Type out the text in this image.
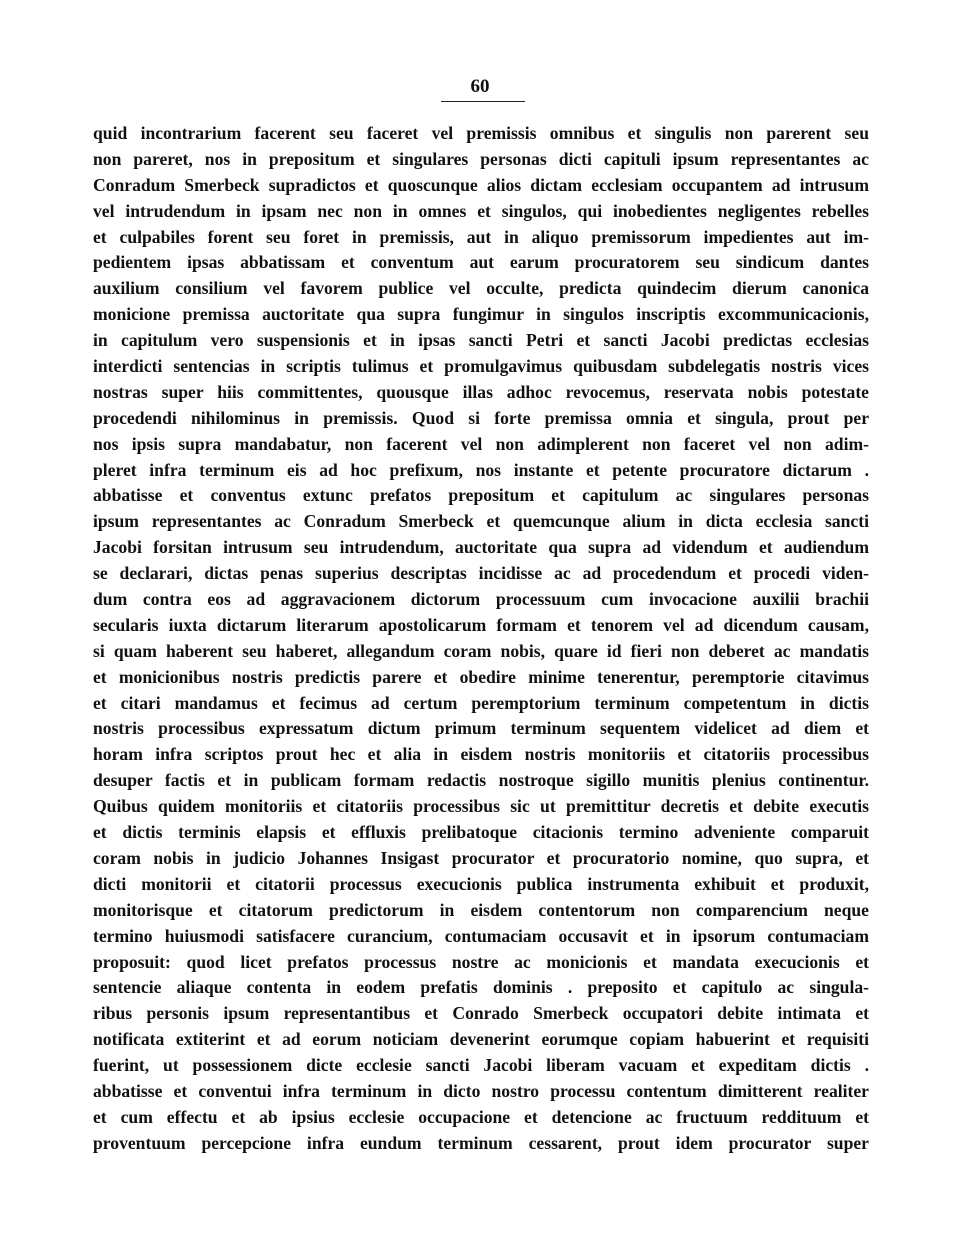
60
quid incontrarium facerent seu faceret vel premissis omnibus et singulis non parerent seu
non pareret, nos in prepositum et singulares personas dicti capituli ipsum representantes ac
Conradum Smerbeck supradictos et quoscunque alios dictam ecclesiam occupantem ad intrusum
vel intrudendum in ipsam nec non in omnes et singulos, qui inobedientes negligentes rebelles
et culpabiles forent seu foret in premissis, aut in aliquo premissorum impedientes aut im-
pedientem ipsas abbatissam et conventum aut earum procuratorem seu sindicum dantes
auxilium consilium vel favorem publice vel occulte, predicta quindecim dierum canonica
monicione premissa auctoritate qua supra fungimur in singulos inscriptis excommunicacionis,
in capitulum vero suspensionis et in ipsas sancti Petri et sancti Jacobi predictas ecclesias
interdicti sentencias in scriptis tulimus et promulgavimus quibusdam subdelegatis nostris vices
nostras super hiis committentes, quousque illas adhoc revocemus, reservata nobis potestate
procedendi nihilominus in premissis. Quod si forte premissa omnia et singula, prout per
nos ipsis supra mandabatur, non facerent vel non adimplerent non faceret vel non adim-
pleret infra terminum eis ad hoc prefixum, nos instante et petente procuratore dictarum .
abbatisse et conventus extunc prefatos prepositum et capitulum ac singulares personas
ipsum representantes ac Conradum Smerbeck et quemcunque alium in dicta ecclesia sancti
Jacobi forsitan intrusum seu intrudendum, auctoritate qua supra ad videndum et audiendum
se declarari, dictas penas superius descriptas incidisse ac ad procedendum et procedi viden-
dum contra eos ad aggravacionem dictorum processuum cum invocacione auxilii brachii
secularis iuxta dictarum literarum apostolicarum formam et tenorem vel ad dicendum causam,
si quam haberent seu haberet, allegandum coram nobis, quare id fieri non deberet ac mandatis
et monicionibus nostris predictis parere et obedire minime tenerentur, peremptorie citavimus
et citari mandamus et fecimus ad certum peremptorium terminum competentum in dictis
nostris processibus expressatum dictum primum terminum sequentem videlicet ad diem et
horam infra scriptos prout hec et alia in eisdem nostris monitoriis et citatoriis processibus
desuper factis et in publicam formam redactis nostroque sigillo munitis plenius continentur.
Quibus quidem monitoriis et citatoriis processibus sic ut premittitur decretis et debite executis
et dictis terminis elapsis et effluxis prelibatoque citacionis termino adveniente comparuit
coram nobis in judicio Johannes Insigast procurator et procuratorio nomine, quo supra, et
dicti monitorii et citatorii processus execucionis publica instrumenta exhibuit et produxit,
monitorisque et citatorum predictorum in eisdem contentorum non comparencium neque
termino huiusmodi satisfacere curancium, contumaciam occusavit et in ipsorum contumaciam
proposuit: quod licet prefatos processus nostre ac monicionis et mandata execucionis et
sentencie aliaque contenta in eodem prefatis dominis . preposito et capitulo ac singula-
ribus personis ipsum representantibus et Conrado Smerbeck occupatori debite intimata et
notificata extiterint et ad eorum noticiam devenerint eorumque copiam habuerint et requisiti
fuerint, ut possessionem dicte ecclesie sancti Jacobi liberam vacuam et expeditam dictis .
abbatisse et conventui infra terminum in dicto nostro processu contentum dimitterent realiter
et cum effectu et ab ipsius ecclesie occupacione et detencione ac fructuum reddituum et
proventuum percepcione infra eundum terminum cessarent, prout idem procurator super
